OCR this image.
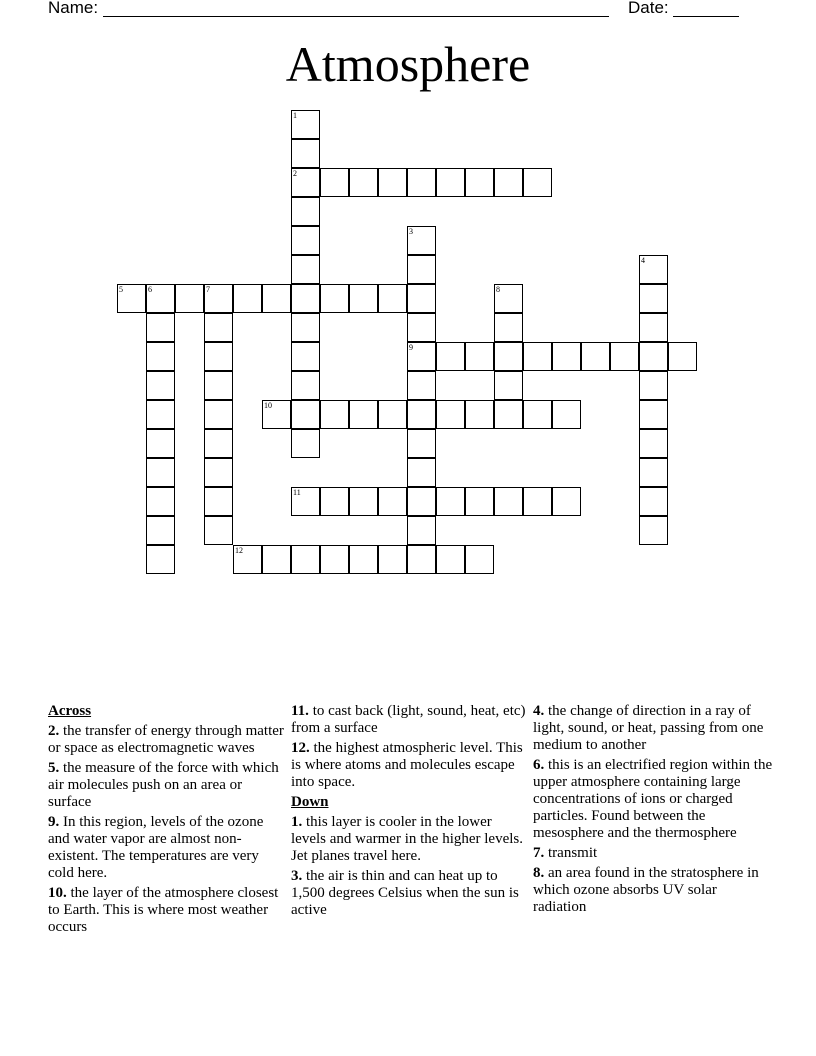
Name:	Date:
Atmosphere
1
2
3
9
4
5	6	7	8
10
11
12
Across
2. the transfer of energy through matter or space as electromagnetic waves
5. the measure of the force with which air molecules push on an area or surface
9. In this region, levels of the ozone and water vapor are almost non-existent. The temperatures are very cold here.
10. the layer of the atmosphere closest to Earth. This is where most weather occurs
11. to cast back (light, sound, heat, etc) from a surface
12. the highest atmospheric level. This is where atoms and molecules escape into space.
Down
1. this layer is cooler in the lower levels and warmer in the higher levels. Jet planes travel here.
3. the air is thin and can heat up to 1,500 degrees Celsius when the sun is active
4. the change of direction in a ray of light, sound, or heat, passing from one medium to another
6. this is an electrified region within the upper atmosphere containing large concentrations of ions or charged particles. Found between the mesosphere and the thermosphere
7. transmit
8. an area found in the stratosphere in which ozone absorbs UV solar radiation
